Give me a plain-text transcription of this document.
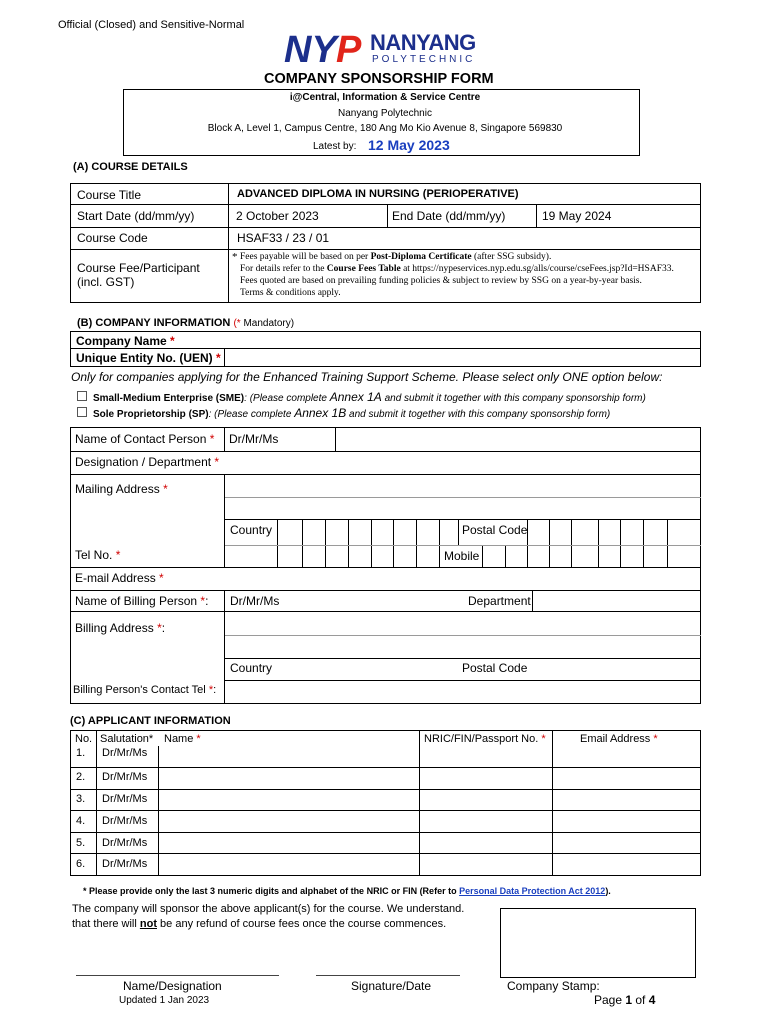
Official (Closed) and Sensitive-Normal
NY P NANYANG
POLYTECHNIC
COMPANY SPONSORSHIP FORM
i@Central, Information & Service Centre
Nanyang Polytechnic
Block A, Level 1, Campus Centre, 180 Ang Mo Kio Avenue 8, Singapore 569830
Latest by: 12 May 2023
(A) COURSE DETAILS
Course Title	ADVANCED DIPLOMA IN NURSING (PERIOPERATIVE)
Start Date (dd/mm/yy)	2 October 2023	End Date (dd/mm/yy)	19 May 2024
Course Code	HSAF33 / 23 / 01
Course Fee/Participant
(incl. GST)
* Fees payable will be based on per Post-Diploma Certificate (after SSG subsidy).
For details refer to the Course Fees Table at https://nypeservices.nyp.edu.sg/alls/course/cseFees.jsp?Id=HSAF33.
Fees quoted are based on prevailing funding policies & subject to review by SSG on a year-by-year basis.
Terms & conditions apply.
(B) COMPANY INFORMATION (* Mandatory)
Company Name *
Unique Entity No. (UEN) *
Only for companies applying for the Enhanced Training Support Scheme. Please select only ONE option below:
Small-Medium Enterprise (SME): (Please complete Annex 1A and submit it together with this company sponsorship form)
Sole Proprietorship (SP): (Please complete Annex 1B and submit it together with this company sponsorship form)
Name of Contact Person * Dr/Mr/Ms
Designation / Department *
Mailing Address *
Country	Postal Code
Tel No. *	Mobile
E-mail Address *
Name of Billing Person *: Dr/Mr/Ms	Department
Billing Address *:
Country	Postal Code
Billing Person's Contact Tel *:
(C) APPLICANT INFORMATION
No. Salutation* Name *	NRIC/FIN/Passport No. *	Email Address *
1. Dr/Mr/Ms
2. Dr/Mr/Ms
3. Dr/Mr/Ms
4. Dr/Mr/Ms
5. Dr/Mr/Ms
6. Dr/Mr/Ms
* Please provide only the last 3 numeric digits and alphabet of the NRIC or FIN (Refer to Personal Data Protection Act 2012).
The company will sponsor the above applicant(s) for the course. We understand.
that there will not be any refund of course fees once the course commences.
Name/Designation	Signature/Date	Company Stamp:
Updated 1 Jan 2023	Page 1 of 4
